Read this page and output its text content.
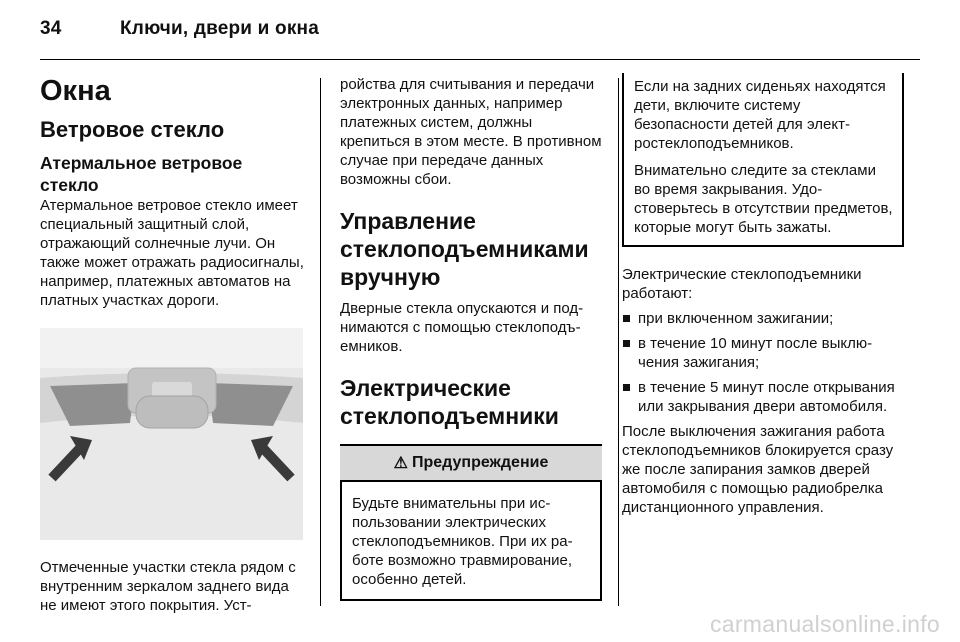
34	Ключи, двери и окна
Окна
Ветровое стекло
Атермальное ветровое стекло

Атермальное ветровое стекло имеет специальный защитный слой, отражающий солнечные лучи. Он также может отражать радиосигналы, например, платежных автоматов на платных участках дороги.

Отмеченные участки стекла рядом с внутренним зеркалом заднего вида не имеют этого покрытия. Уст-

ройства для считывания и передачи электронных данных, например платежных систем, должны крепиться в этом месте. В противном случае при передаче данных возможны сбои.

Управление стеклоподъемниками вручную

Дверные стекла опускаются и поднимаются с помощью стеклоподъемников.

Электрические стеклоподъемники
⚠ Предупреждение

Будьте внимательны при использовании электрических стеклоподъемников. При их работе возможно травмирование, особенно детей.

Если на задних сиденьях находятся дети, включите систему безопасности детей для электростеклоподъемников.

Внимательно следите за стеклами во время закрывания. Удостоверьтесь в отсутствии предметов, которые могут быть зажаты.

Электрические стеклоподъемники работают:

при включенном зажигании;
в течение 10 минут после выключения зажигания;
в течение 5 минут после открывания или закрывания двери автомобиля.

После выключения зажигания работа стеклоподъемников блокируется сразу же после запирания замков дверей автомобиля с помощью радиобрелка дистанционного управления.

carmanualsonline.info
